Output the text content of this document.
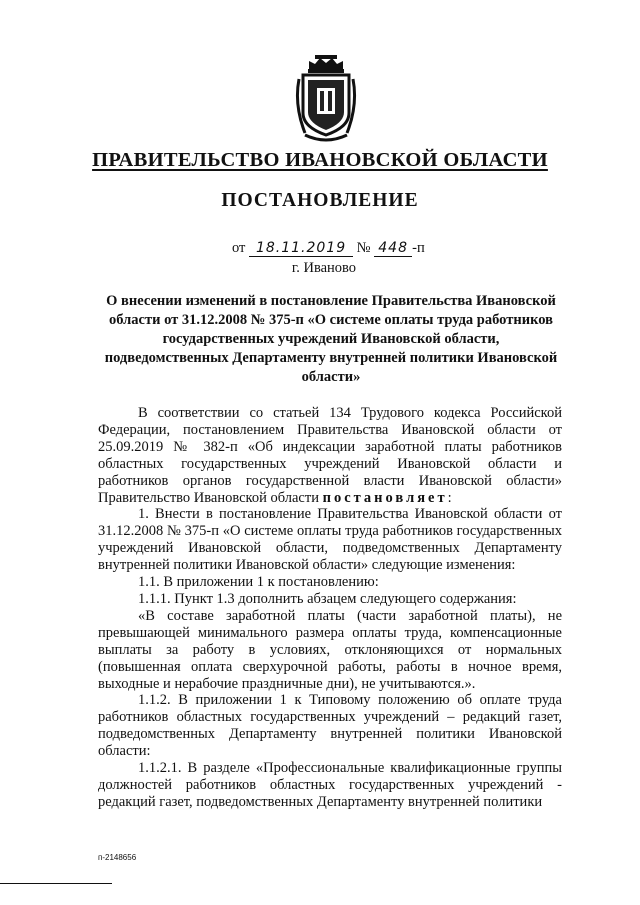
ПРАВИТЕЛЬСТВО ИВАНОВСКОЙ ОБЛАСТИ
ПОСТАНОВЛЕНИЕ
от 18.11.2019 № 448 -п
г. Иваново
О внесении изменений в постановление Правительства Ивановской области от 31.12.2008 № 375-п «О системе оплаты труда работников государственных учреждений Ивановской области, подведомственных Департаменту внутренней политики Ивановской области»

В соответствии со статьей 134 Трудового кодекса Российской Федерации, постановлением Правительства Ивановской области от 25.09.2019 № 382-п «Об индексации заработной платы работников областных государственных учреждений Ивановской области и работников органов государственной власти Ивановской области» Правительство Ивановской области постановляет:

1. Внести в постановление Правительства Ивановской области от 31.12.2008 № 375-п «О системе оплаты труда работников государственных учреждений Ивановской области, подведомственных Департаменту внутренней политики Ивановской области» следующие изменения:

1.1. В приложении 1 к постановлению:

1.1.1. Пункт 1.3 дополнить абзацем следующего содержания:

«В составе заработной платы (части заработной платы), не превышающей минимального размера оплаты труда, компенсационные выплаты за работу в условиях, отклоняющихся от нормальных (повышенная оплата сверхурочной работы, работы в ночное время, выходные и нерабочие праздничные дни), не учитываются.».

1.1.2. В приложении 1 к Типовому положению об оплате труда работников областных государственных учреждений – редакций газет, подведомственных Департаменту внутренней политики Ивановской области:

1.1.2.1. В разделе «Профессиональные квалификационные группы должностей работников областных государственных учреждений - редакций газет, подведомственных Департаменту внутренней политики

п-2148656
